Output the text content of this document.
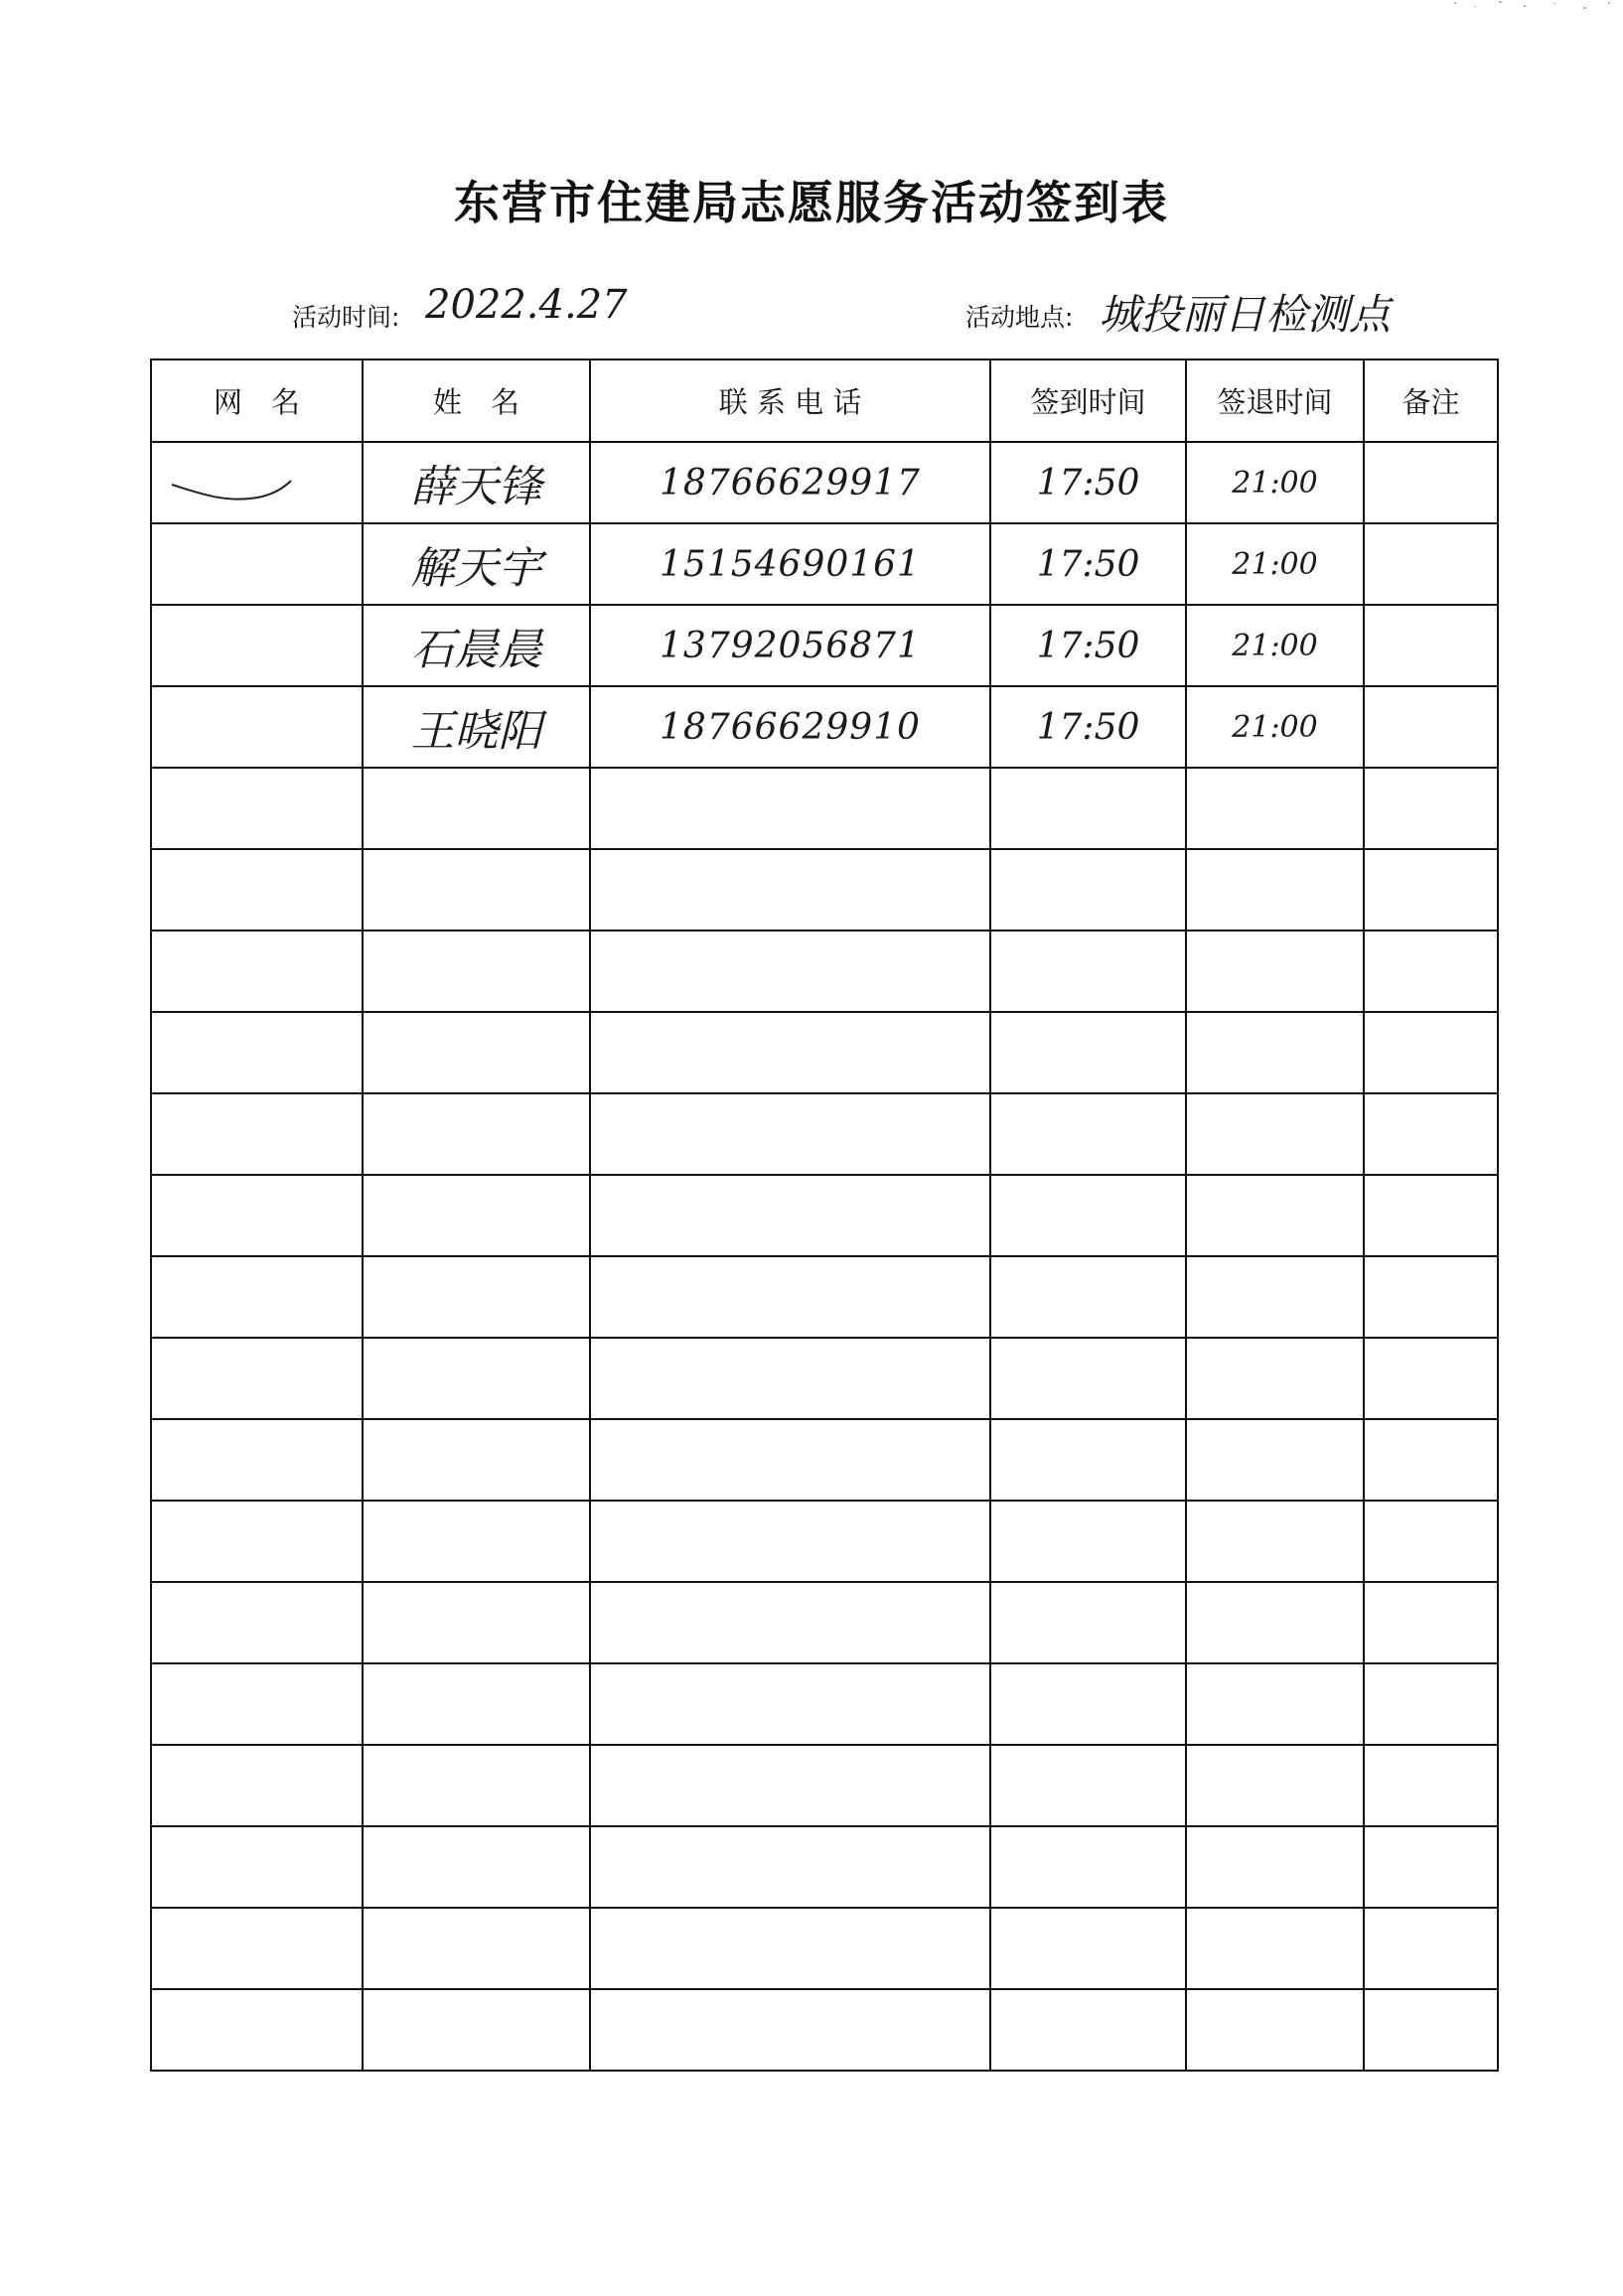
东营市住建局志愿服务活动签到表
活动时间: 2022.4.27	活动地点: 城投丽日检测点
网　名	姓　名	联 系 电 话	签到时间	签退时间	备注

	薛天锋	18766629917	17:50	21:00	
	解天宇	15154690161	17:50	21:00	
	石晨晨	13792056871	17:50	21:00	
	王晓阳	18766629910	17:50	21:00	
